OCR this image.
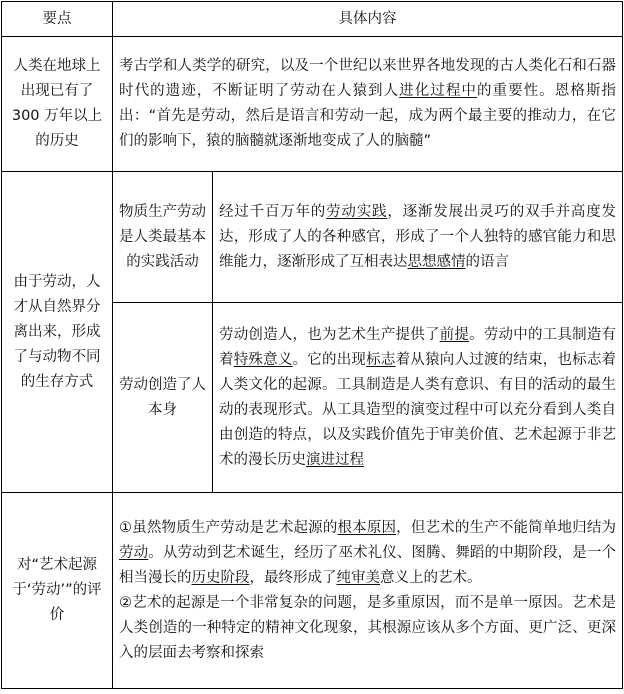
要点	具体内容	
人类在地球上出现已有了 300 万年以上的历史	考古学和人类学的研究，以及一个世纪以来世界各地发现的古人类化石和石器时代的遗迹，不断证明了劳动在人猿到人进化过程中的重要性。恩格斯指出：“首先是劳动，然后是语言和劳动一起，成为两个最主要的推动力，在它们的影响下，猿的脑髓就逐渐地变成了人的脑髓”	
由于劳动，人才从自然界分离出来，形成了与动物不同的生存方式	物质生产劳动是人类最基本的实践活动	经过千百万年的劳动实践，逐渐发展出灵巧的双手并高度发达，形成了人的各种感官，形成了一个人独特的感官能力和思维能力，逐渐形成了互相表达思想感情的语言
	劳动创造了人本身	劳动创造人，也为艺术生产提供了前提。劳动中的工具制造有着特殊意义。它的出现标志着从猿向人过渡的结束，也标志着人类文化的起源。工具制造是人类有意识、有目的活动的最生动的表现形式。从工具造型的演变过程中可以充分看到人类自由创造的特点，以及实践价值先于审美价值、艺术起源于非艺术的漫长历史演进过程
对“艺术起源于‘劳动’”的评价	①虽然物质生产劳动是艺术起源的根本原因，但艺术的生产不能简单地归结为劳动。从劳动到艺术诞生，经历了巫术礼仪、图腾、舞蹈的中期阶段，是一个相当漫长的历史阶段，最终形成了纯审美意义上的艺术。
②艺术的起源是一个非常复杂的问题，是多重原因，而不是单一原因。艺术是人类创造的一种特定的精神文化现象，其根源应该从多个方面、更广泛、更深入的层面去考察和探索	
